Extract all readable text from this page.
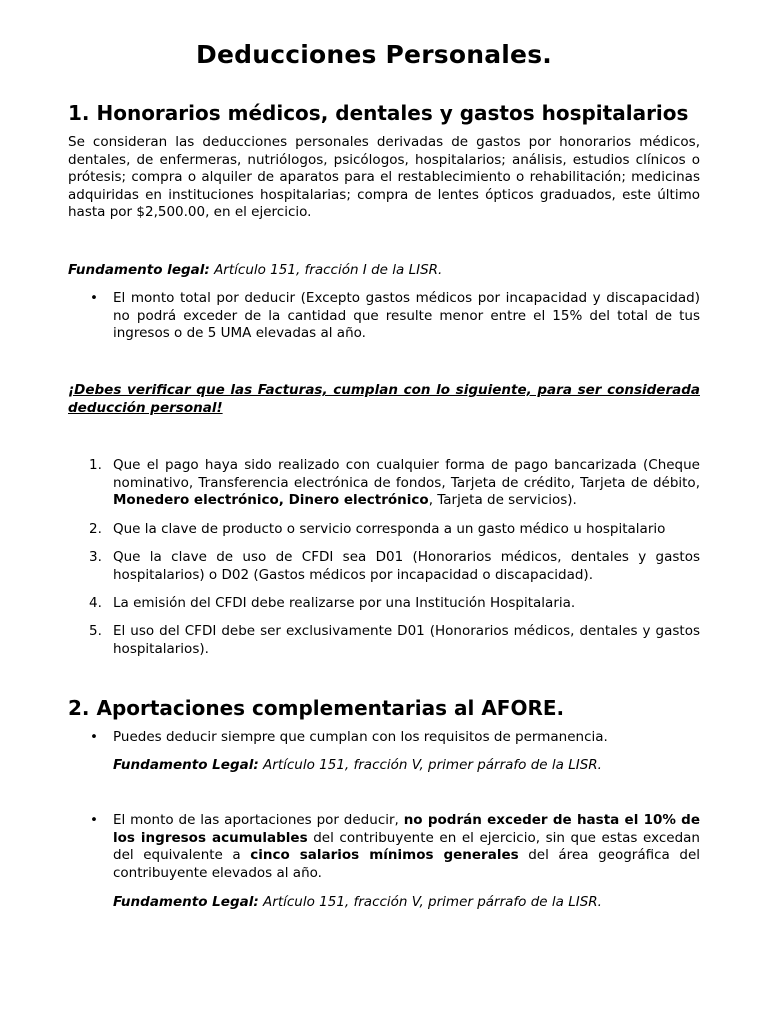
Deducciones Personales.
1. Honorarios médicos, dentales y gastos hospitalarios

Se consideran las deducciones personales derivadas de gastos por honorarios médicos, dentales, de enfermeras, nutriólogos, psicólogos, hospitalarios; análisis, estudios clínicos o prótesis; compra o alquiler de aparatos para el restablecimiento o rehabilitación; medicinas adquiridas en instituciones hospitalarias; compra de lentes ópticos graduados, este último hasta por $2,500.00, en el ejercicio.

Fundamento legal: Artículo 151, fracción I de la LISR.
• El monto total por deducir (Excepto gastos médicos por incapacidad y discapacidad) no podrá exceder de la cantidad que resulte menor entre el 15% del total de tus ingresos o de 5 UMA elevadas al año.
¡Debes verificar que las Facturas, cumplan con lo siguiente, para ser considerada deducción personal!
1. Que el pago haya sido realizado con cualquier forma de pago bancarizada (Cheque nominativo, Transferencia electrónica de fondos, Tarjeta de crédito, Tarjeta de débito, Monedero electrónico, Dinero electrónico, Tarjeta de servicios).
2. Que la clave de producto o servicio corresponda a un gasto médico u hospitalario
3. Que la clave de uso de CFDI sea D01 (Honorarios médicos, dentales y gastos hospitalarios) o D02 (Gastos médicos por incapacidad o discapacidad).
4. La emisión del CFDI debe realizarse por una Institución Hospitalaria.
5. El uso del CFDI debe ser exclusivamente D01 (Honorarios médicos, dentales y gastos hospitalarios).
2. Aportaciones complementarias al AFORE.
• Puedes deducir siempre que cumplan con los requisitos de permanencia.
Fundamento Legal: Artículo 151, fracción V, primer párrafo de la LISR.
• El monto de las aportaciones por deducir, no podrán exceder de hasta el 10% de los ingresos acumulables del contribuyente en el ejercicio, sin que estas excedan del equivalente a cinco salarios mínimos generales del área geográfica del contribuyente elevados al año.
Fundamento Legal: Artículo 151, fracción V, primer párrafo de la LISR.
